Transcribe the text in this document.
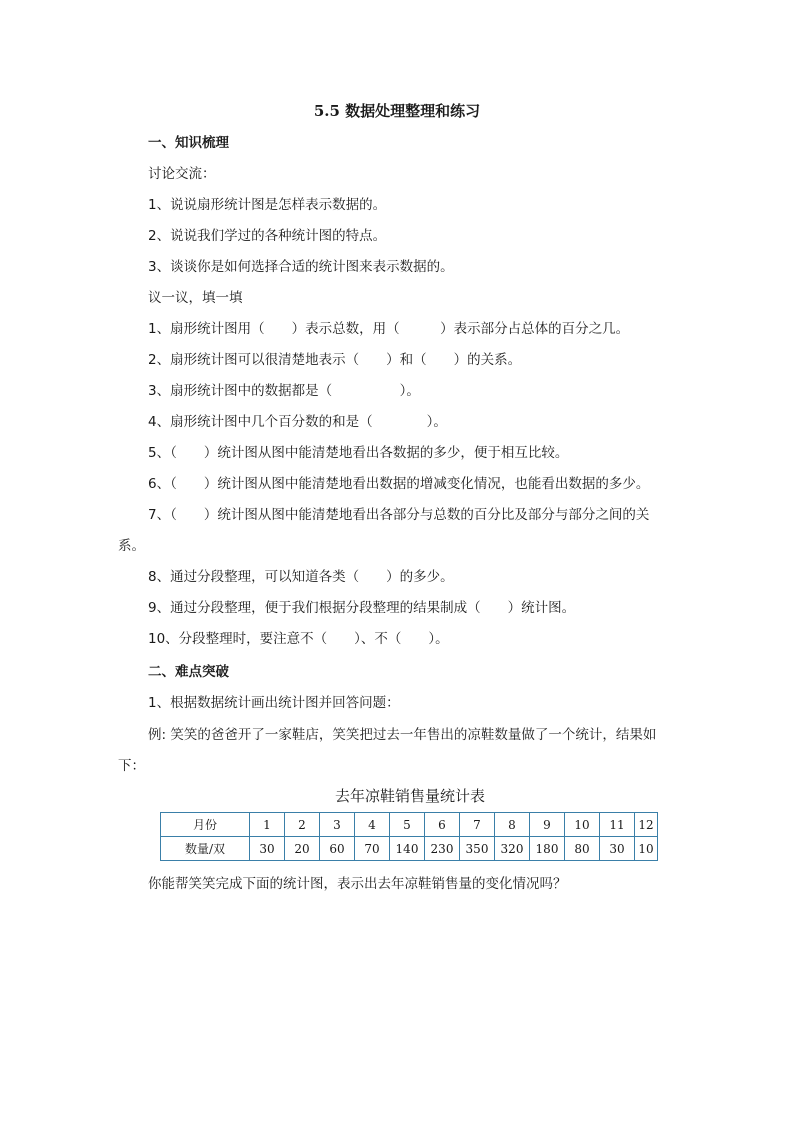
5.5 数据处理整理和练习
一、知识梳理
讨论交流：
1、说说扇形统计图是怎样表示数据的。
2、说说我们学过的各种统计图的特点。
3、谈谈你是如何选择合适的统计图来表示数据的。
议一议，填一填
1、扇形统计图用（　　）表示总数，用（　　　）表示部分占总体的百分之几。
2、扇形统计图可以很清楚地表示（　　）和（　　）的关系。
3、扇形统计图中的数据都是（　　　　　）。
4、扇形统计图中几个百分数的和是（　　　　）。
5、（　　）统计图从图中能清楚地看出各数据的多少，便于相互比较。
6、（　　）统计图从图中能清楚地看出数据的增减变化情况，也能看出数据的多少。
7、（　　）统计图从图中能清楚地看出各部分与总数的百分比及部分与部分之间的关
系。
8、通过分段整理，可以知道各类（　　）的多少。
9、通过分段整理，便于我们根据分段整理的结果制成（　　）统计图。
10、分段整理时，要注意不（　　）、不（　　）。
二、难点突破
1、根据数据统计画出统计图并回答问题：
例: 笑笑的爸爸开了一家鞋店，笑笑把过去一年售出的凉鞋数量做了一个统计，结果如
下：
去年凉鞋销售量统计表
月份	1	2	3	4	5	6	7	8	9	10	11	12
数量/双	30	20	60	70	140	230	350	320	180	80	30	10
你能帮笑笑完成下面的统计图，表示出去年凉鞋销售量的变化情况吗？
